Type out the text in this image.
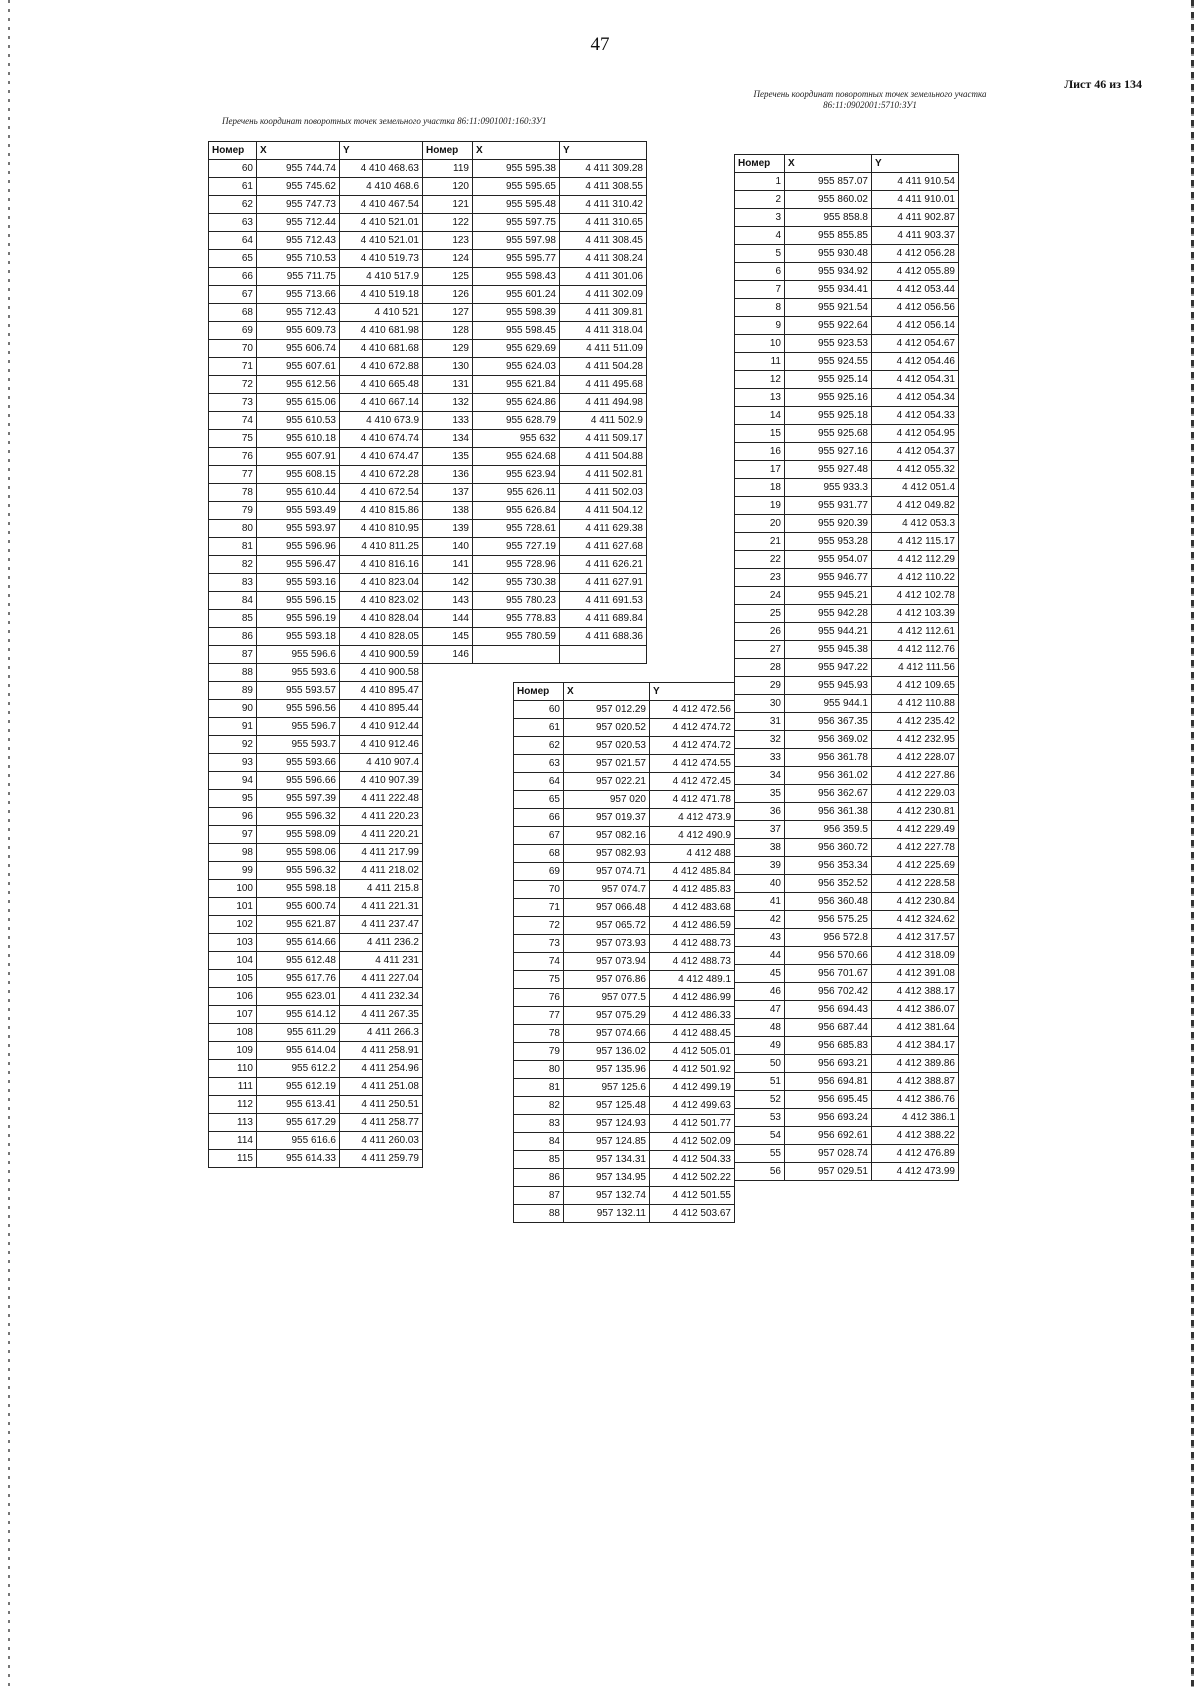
47
Лист 46 из 134
Перечень координат поворотных точек земельного участка 86:11:0901001:160:ЗУ1
Перечень координат поворотных точек земельного участка 86:11:0902001:5710:ЗУ1
Номер	X	Y
60	955 744.74	4 410 468.63
61	955 745.62	4 410 468.6
62	955 747.73	4 410 467.54
63	955 712.44	4 410 521.01
64	955 712.43	4 410 521.01
65	955 710.53	4 410 519.73
66	955 711.75	4 410 517.9
67	955 713.66	4 410 519.18
68	955 712.43	4 410 521
69	955 609.73	4 410 681.98
70	955 606.74	4 410 681.68
71	955 607.61	4 410 672.88
72	955 612.56	4 410 665.48
73	955 615.06	4 410 667.14
74	955 610.53	4 410 673.9
75	955 610.18	4 410 674.74
76	955 607.91	4 410 674.47
77	955 608.15	4 410 672.28
78	955 610.44	4 410 672.54
79	955 593.49	4 410 815.86
80	955 593.97	4 410 810.95
81	955 596.96	4 410 811.25
82	955 596.47	4 410 816.16
83	955 593.16	4 410 823.04
84	955 596.15	4 410 823.02
85	955 596.19	4 410 828.04
86	955 593.18	4 410 828.05
87	955 596.6	4 410 900.59
88	955 593.6	4 410 900.58
89	955 593.57	4 410 895.47
90	955 596.56	4 410 895.44
91	955 596.7	4 410 912.44
92	955 593.7	4 410 912.46
93	955 593.66	4 410 907.4
94	955 596.66	4 410 907.39
95	955 597.39	4 411 222.48
96	955 596.32	4 411 220.23
97	955 598.09	4 411 220.21
98	955 598.06	4 411 217.99
99	955 596.32	4 411 218.02
100	955 598.18	4 411 215.8
101	955 600.74	4 411 221.31
102	955 621.87	4 411 237.47
103	955 614.66	4 411 236.2
104	955 612.48	4 411 231
105	955 617.76	4 411 227.04
106	955 623.01	4 411 232.34
107	955 614.12	4 411 267.35
108	955 611.29	4 411 266.3
109	955 614.04	4 411 258.91
110	955 612.2	4 411 254.96
111	955 612.19	4 411 251.08
112	955 613.41	4 411 250.51
113	955 617.29	4 411 258.77
114	955 616.6	4 411 260.03
115	955 614.33	4 411 259.79
Номер	X	Y
119	955 595.38	4 411 309.28
120	955 595.65	4 411 308.55
121	955 595.48	4 411 310.42
122	955 597.75	4 411 310.65
123	955 597.98	4 411 308.45
124	955 595.77	4 411 308.24
125	955 598.43	4 411 301.06
126	955 601.24	4 411 302.09
127	955 598.39	4 411 309.81
128	955 598.45	4 411 318.04
129	955 629.69	4 411 511.09
130	955 624.03	4 411 504.28
131	955 621.84	4 411 495.68
132	955 624.86	4 411 494.98
133	955 628.79	4 411 502.9
134	955 632	4 411 509.17
135	955 624.68	4 411 504.88
136	955 623.94	4 411 502.81
137	955 626.11	4 411 502.03
138	955 626.84	4 411 504.12
139	955 728.61	4 411 629.38
140	955 727.19	4 411 627.68
141	955 728.96	4 411 626.21
142	955 730.38	4 411 627.91
143	955 780.23	4 411 691.53
144	955 778.83	4 411 689.84
145	955 780.59	4 411 688.36
146		
Номер	X	Y
60	957 012.29	4 412 472.56
61	957 020.52	4 412 474.72
62	957 020.53	4 412 474.72
63	957 021.57	4 412 474.55
64	957 022.21	4 412 472.45
65	957 020	4 412 471.78
66	957 019.37	4 412 473.9
67	957 082.16	4 412 490.9
68	957 082.93	4 412 488
69	957 074.71	4 412 485.84
70	957 074.7	4 412 485.83
71	957 066.48	4 412 483.68
72	957 065.72	4 412 486.59
73	957 073.93	4 412 488.73
74	957 073.94	4 412 488.73
75	957 076.86	4 412 489.1
76	957 077.5	4 412 486.99
77	957 075.29	4 412 486.33
78	957 074.66	4 412 488.45
79	957 136.02	4 412 505.01
80	957 135.96	4 412 501.92
81	957 125.6	4 412 499.19
82	957 125.48	4 412 499.63
83	957 124.93	4 412 501.77
84	957 124.85	4 412 502.09
85	957 134.31	4 412 504.33
86	957 134.95	4 412 502.22
87	957 132.74	4 412 501.55
88	957 132.11	4 412 503.67
Номер	X	Y
1	955 857.07	4 411 910.54
2	955 860.02	4 411 910.01
3	955 858.8	4 411 902.87
4	955 855.85	4 411 903.37
5	955 930.48	4 412 056.28
6	955 934.92	4 412 055.89
7	955 934.41	4 412 053.44
8	955 921.54	4 412 056.56
9	955 922.64	4 412 056.14
10	955 923.53	4 412 054.67
11	955 924.55	4 412 054.46
12	955 925.14	4 412 054.31
13	955 925.16	4 412 054.34
14	955 925.18	4 412 054.33
15	955 925.68	4 412 054.95
16	955 927.16	4 412 054.37
17	955 927.48	4 412 055.32
18	955 933.3	4 412 051.4
19	955 931.77	4 412 049.82
20	955 920.39	4 412 053.3
21	955 953.28	4 412 115.17
22	955 954.07	4 412 112.29
23	955 946.77	4 412 110.22
24	955 945.21	4 412 102.78
25	955 942.28	4 412 103.39
26	955 944.21	4 412 112.61
27	955 945.38	4 412 112.76
28	955 947.22	4 412 111.56
29	955 945.93	4 412 109.65
30	955 944.1	4 412 110.88
31	956 367.35	4 412 235.42
32	956 369.02	4 412 232.95
33	956 361.78	4 412 228.07
34	956 361.02	4 412 227.86
35	956 362.67	4 412 229.03
36	956 361.38	4 412 230.81
37	956 359.5	4 412 229.49
38	956 360.72	4 412 227.78
39	956 353.34	4 412 225.69
40	956 352.52	4 412 228.58
41	956 360.48	4 412 230.84
42	956 575.25	4 412 324.62
43	956 572.8	4 412 317.57
44	956 570.66	4 412 318.09
45	956 701.67	4 412 391.08
46	956 702.42	4 412 388.17
47	956 694.43	4 412 386.07
48	956 687.44	4 412 381.64
49	956 685.83	4 412 384.17
50	956 693.21	4 412 389.86
51	956 694.81	4 412 388.87
52	956 695.45	4 412 386.76
53	956 693.24	4 412 386.1
54	956 692.61	4 412 388.22
55	957 028.74	4 412 476.89
56	957 029.51	4 412 473.99
